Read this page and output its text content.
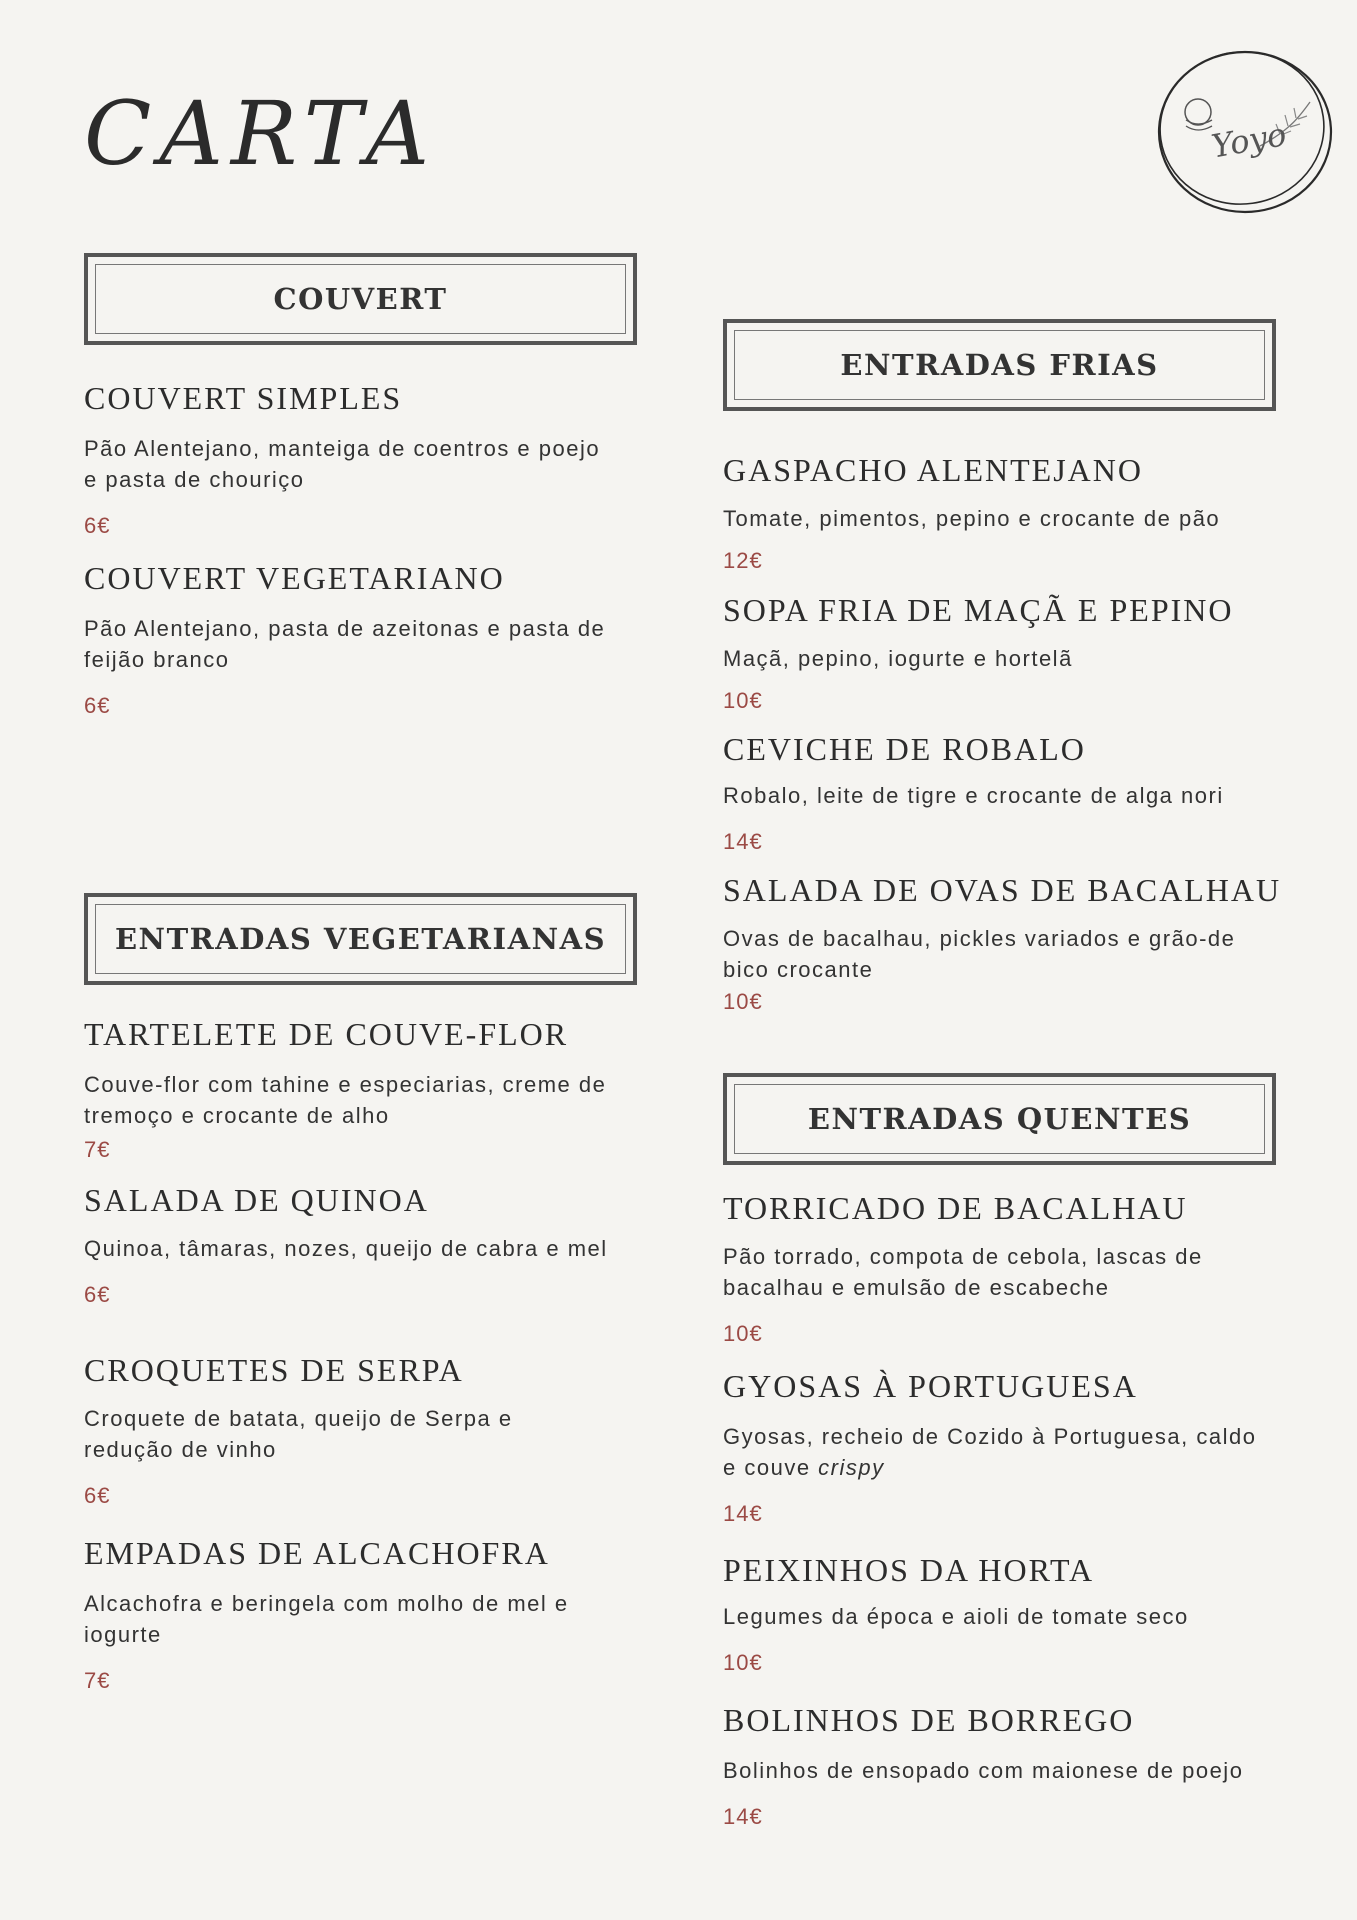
CARTA	Yoyo
COUVERT
COUVERT SIMPLES

Pão Alentejano, manteiga de coentros e poejo e pasta de chouriço

6€

COUVERT VEGETARIANO

Pão Alentejano, pasta de azeitonas e pasta de feijão branco

6€

ENTRADAS VEGETARIANAS
TARTELETE DE COUVE-FLOR

Couve-flor com tahine e especiarias, creme de tremoço e crocante de alho

7€

SALADA DE QUINOA

Quinoa, tâmaras, nozes, queijo de cabra e mel

6€

CROQUETES DE SERPA

Croquete de batata, queijo de Serpa e redução de vinho

6€

EMPADAS DE ALCACHOFRA

Alcachofra e beringela com molho de mel e iogurte

7€

ENTRADAS FRIAS
GASPACHO ALENTEJANO

Tomate, pimentos, pepino e crocante de pão

12€

SOPA FRIA DE MAÇÃ E PEPINO

Maçã, pepino, iogurte e hortelã

10€

CEVICHE DE ROBALO

Robalo, leite de tigre e crocante de alga nori

14€

SALADA DE OVAS DE BACALHAU

Ovas de bacalhau, pickles variados e grão-de bico crocante

10€

ENTRADAS QUENTES
TORRICADO DE BACALHAU

Pão torrado, compota de cebola, lascas de bacalhau e emulsão de escabeche

10€

GYOSAS À PORTUGUESA

Gyosas, recheio de Cozido à Portuguesa, caldo e couve crispy

14€

PEIXINHOS DA HORTA

Legumes da época e aioli de tomate seco

10€

BOLINHOS DE BORREGO

Bolinhos de ensopado com maionese de poejo

14€
